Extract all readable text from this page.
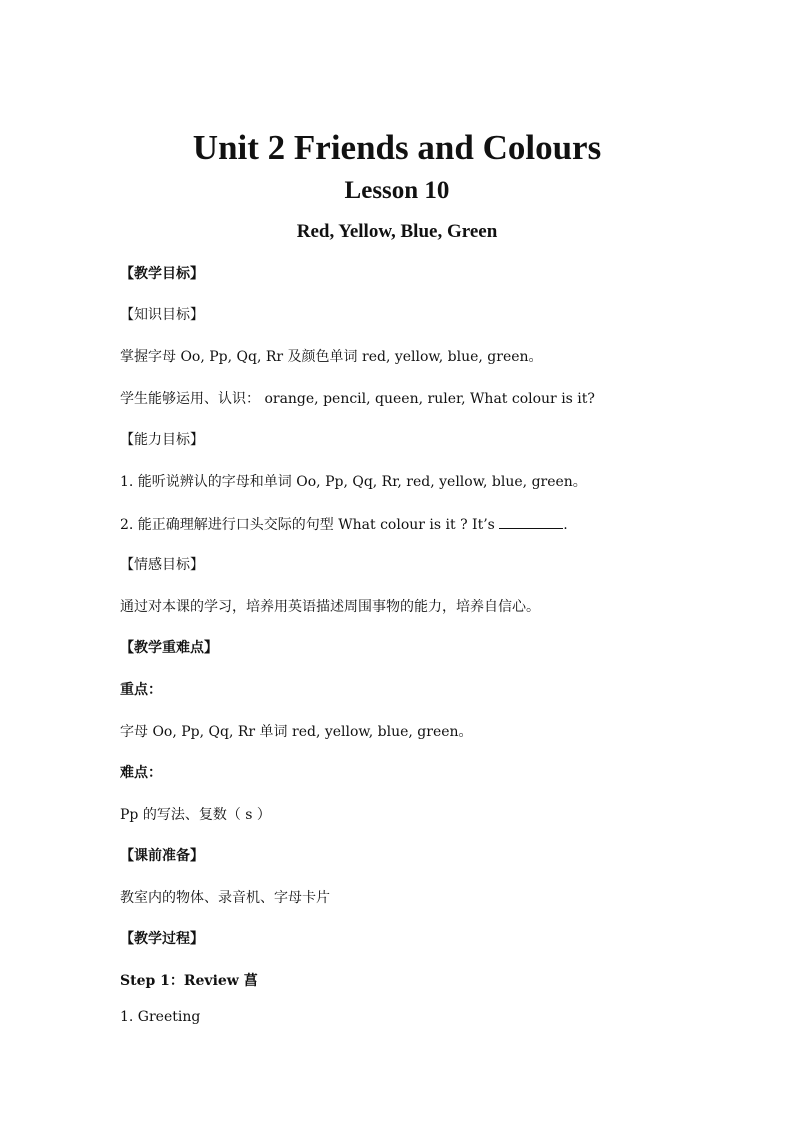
Unit 2 Friends and Colours
Lesson 10
Red, Yellow, Blue, Green

【教学目标】

【知识目标】

掌握字母 Oo, Pp, Qq, Rr 及颜色单词 red, yellow, blue, green。

学生能够运用、认识： orange, pencil, queen, ruler, What colour is it?

【能力目标】

1. 能听说辨认的字母和单词 Oo, Pp, Qq, Rr, red, yellow, blue, green。

2. 能正确理解进行口头交际的句型 What colour is it ? It’s	.

【情感目标】

通过对本课的学习，培养用英语描述周围事物的能力，培养自信心。

【教学重难点】

重点：

字母 Oo, Pp, Qq, Rr 单词 red, yellow, blue, green。

难点：

Pp 的写法、复数（ s ）

【课前准备】

教室内的物体、录音机、字母卡片

【教学过程】

Step 1：Review 菖

1. Greeting
